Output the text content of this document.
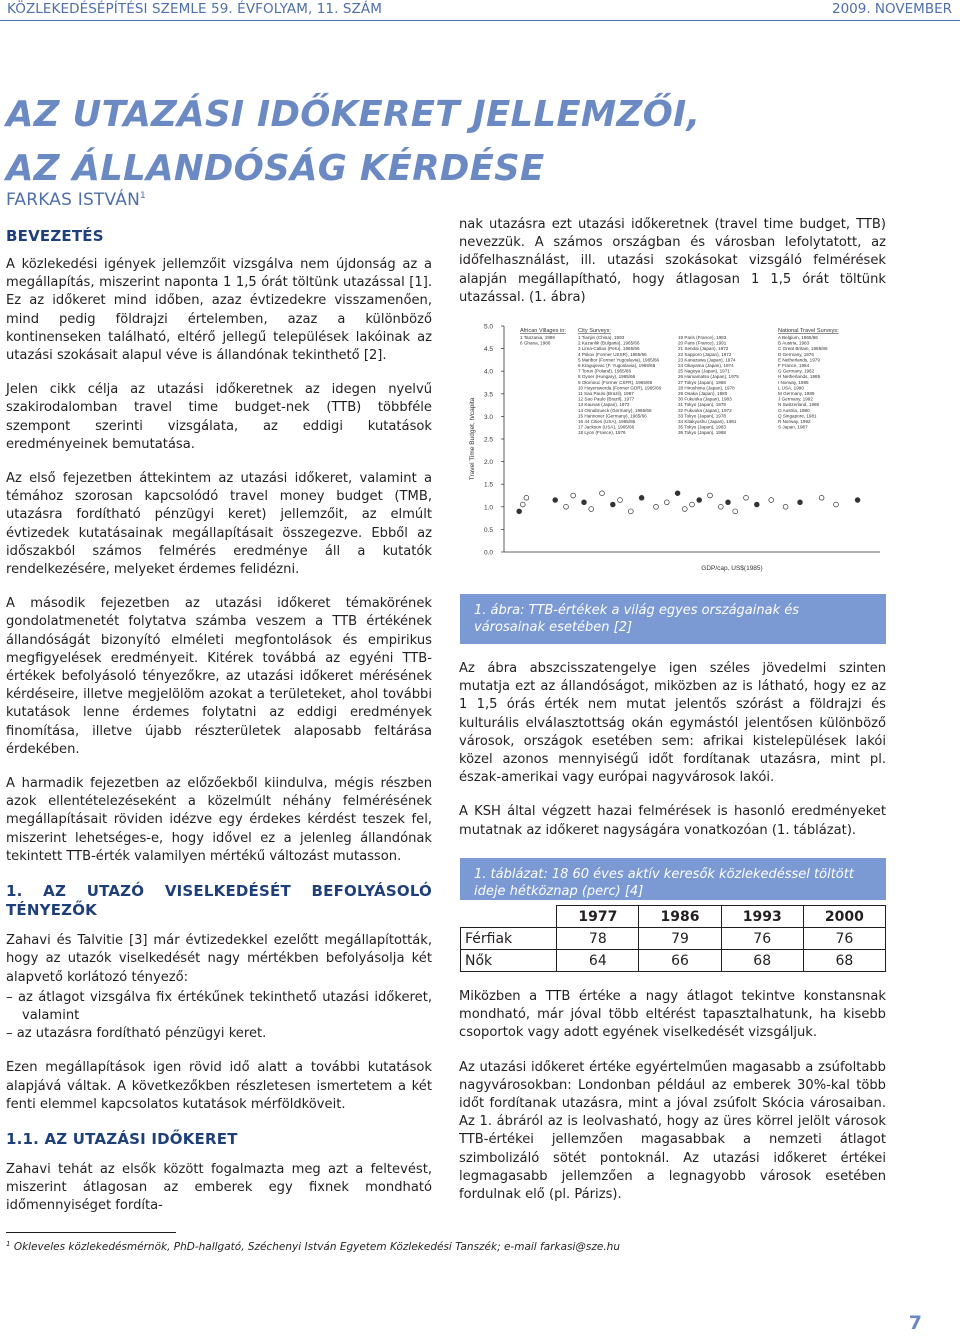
KÖZLEKEDÉSÉPÍTÉSI SZEMLE 59. ÉVFOLYAM, 11. SZÁM	2009. NOVEMBER
AZ UTAZÁSI IDŐKERET JELLEMZŐI,
AZ ÁLLANDÓSÁG KÉRDÉSE
FARKAS ISTVÁN$^1$
BEVEZETÉS

A közlekedési igények jellemzőit vizsgálva nem újdonság az a megállapítás, miszerint naponta 1 1,5 órát töltünk utazással [1]. Ez az időkeret mind időben, azaz évtizedekre visszamenően, mind pedig földrajzi értelemben, azaz a különböző kontinenseken található, eltérő jellegű települések lakóinak az utazási szokásait alapul véve is állandónak tekinthető [2].

Jelen cikk célja az utazási időkeretnek az idegen nyelvű szakirodalomban travel time budget-nek (TTB) többféle szempont szerinti vizsgálata, az eddigi kutatások eredményeinek bemutatása.

Az első fejezetben áttekintem az utazási időkeret, valamint a témához szorosan kapcsolódó travel money budget (TMB, utazásra fordítható pénzügyi keret) jellemzőit, az elmúlt évtizedek kutatásainak megállapításait összegezve. Ebből az időszakból számos felmérés eredménye áll a kutatók rendelkezésére, melyeket érdemes felidézni.

A második fejezetben az utazási időkeret témakörének gondolatmenetét folytatva számba veszem a TTB értékének állandóságát bizonyító elméleti megfontolások és empirikus megfigyelések eredményeit. Kitérek továbbá az egyéni TTB-értékek befolyásoló tényezőkre, az utazási időkeret mérésének kérdéseire, illetve megjelölöm azokat a területeket, ahol további kutatások lenne érdemes folytatni az eddigi eredmények finomítása, illetve újabb részterületek alaposabb feltárása érdekében.

A harmadik fejezetben az előzőekből kiindulva, mégis részben azok ellentételezéseként a közelmúlt néhány felmérésének megállapításait röviden idézve egy érdekes kérdést teszek fel, miszerint lehetséges-e, hogy idővel ez a jelenleg állandónak tekintett TTB-érték valamilyen mértékű változást mutasson.

1. AZ UTAZÓ VISELKEDÉSÉT BEFOLYÁSOLÓ TÉNYEZŐK

Zahavi és Talvitie [3] már évtizedekkel ezelőtt megállapították, hogy az utazók viselkedését nagy mértékben befolyásolja két alapvető korlátozó tényező:

– az átlagot vizsgálva fix értékűnek tekinthető utazási időkeret, valamint
– az utazásra fordítható pénzügyi keret.

Ezen megállapítások igen rövid idő alatt a további kutatások alapjává váltak. A következőkben részletesen ismertetem a két fenti elemmel kapcsolatos kutatások mérföldköveit.

1.1. AZ UTAZÁSI IDŐKERET

Zahavi tehát az elsők között fogalmazta meg azt a feltevést, miszerint átlagosan az emberek egy fixnek mondható időmennyiséget fordíta-

nak utazásra ezt utazási időkeretnek (travel time budget, TTB) nevezzük. A számos országban és városban lefolytatott, az időfelhasználást, ill. utazási szokásokat vizsgáló felmérések alapján megállapítható, hogy átlagosan 1 1,5 órát töltünk utazással. (1. ábra)

5.0
4.5
4.0
3.5
3.0
2.5
2.0
1.5
1.0
0.5
0.0
Travel Time Budget, h/capita
GDP/cap, US$(1985)
African Villages in:
1 Tanzania, 1986
6 Ghana, 1986
City Surveys:
1 Tianjin (China), 1993
2 Kazanlik (Bulgaria), 1965/66
3 Lima-Callao (Peru), 1965/66
4 Pskov (Former USSR), 1965/66
5 Maribor (Former Yugoslavia), 1965/66
6 Kragujevac (F. Yugoslavia), 1965/66
7 Torun (Poland), 1965/66
8 Gyoer (Hungary), 1965/66
9 Olomouc (Former CSFR), 1965/66
10 Hoyerswerda (Former GDR), 1965/66
11 Sao Paulo (Brazil), 1987
12 Sao Paulo (Brazil), 1977
13 Kaunas (Japan), 1972
14 Osnabrueck (Germany), 1965/66
15 Hannover (Germany), 1965/66
16 44 Cities (USA), 1965/66
17 Jackson (USA), 1965/66
18 Lyon (France), 1976
19 Paris (France), 1983
20 Paris (France), 1991
21 Sendai (Japan), 1972
22 Sapporo (Japan), 1972
23 Kanazawa (Japan), 1974
24 Okayama (Japan), 1974
25 Nagoya (Japan), 1971
26 Hamamatsu (Japan), 1975
27 Tokyo (Japan), 1968
28 Hiroshima (Japan), 1978
29 Osaka (Japan), 1980
30 Fukuoka (Japan), 1983
31 Tokyo (Japan), 1978
32 Fukuoka (Japan), 1972
33 Tokyo (Japan), 1978
34 Kitakyushu (Japan), 1981
35 Tokyo (Japan), 1983
36 Tokyo (Japan), 1988
National Travel Surveys:
A Belgium, 1965/66
B Austria, 1983
C Great Britain, 1985/86
D Germany, 1976
E Netherlands, 1979
F France, 1984
G Germany, 1982
H Netherlands, 1985
I Norway, 1985
L USA, 1990
M Germany, 1989
J Germany, 1992
N Switzerland, 1989
O Austria, 1980
Q Singapore, 1981
R Norway, 1992
S Japan, 1987
1. ábra: TTB-értékek a világ egyes országainak és városainak esetében [2]

Az ábra abszcisszatengelye igen széles jövedelmi szinten mutatja ezt az állandóságot, miközben az is látható, hogy ez az 1 1,5 órás érték nem mutat jelentős szórást a földrajzi és kulturális elválasztottság okán egymástól jelentősen különböző városok, országok esetében sem: afrikai kistelepülések lakói közel azonos mennyiségű időt fordítanak utazásra, mint pl. észak-amerikai vagy európai nagyvárosok lakói.

A KSH által végzett hazai felmérések is hasonló eredményeket mutatnak az időkeret nagyságára vonatkozóan (1. táblázat).

1. táblázat: 18 60 éves aktív keresők közlekedéssel töltött ideje hétköznap (perc) [4]
	1977	1986	1993	2000
Férfiak	78	79	76	76
Nők	64	66	68	68

Miközben a TTB értéke a nagy átlagot tekintve konstansnak mondható, már jóval több eltérést tapasztalhatunk, ha kisebb csoportok vagy adott egyének viselkedését vizsgáljuk.

Az utazási időkeret értéke egyértelműen magasabb a zsúfoltabb nagyvárosokban: Londonban például az emberek 30%-kal több időt fordítanak utazásra, mint a jóval zsúfolt Skócia városaiban. Az 1. ábráról az is leolvasható, hogy az üres körrel jelölt városok TTB-értékei jellemzően magasabbak a nemzeti átlagot szimbolizáló sötét pontoknál. Az utazási időkeret értékei legmagasabb jellemzően a legnagyobb városok esetében fordulnak elő (pl. Párizs).

$^1$ Okleveles közlekedésmérnök, PhD-hallgató, Széchenyi István Egyetem Közlekedési Tanszék; e-mail farkasi@sze.hu
7
